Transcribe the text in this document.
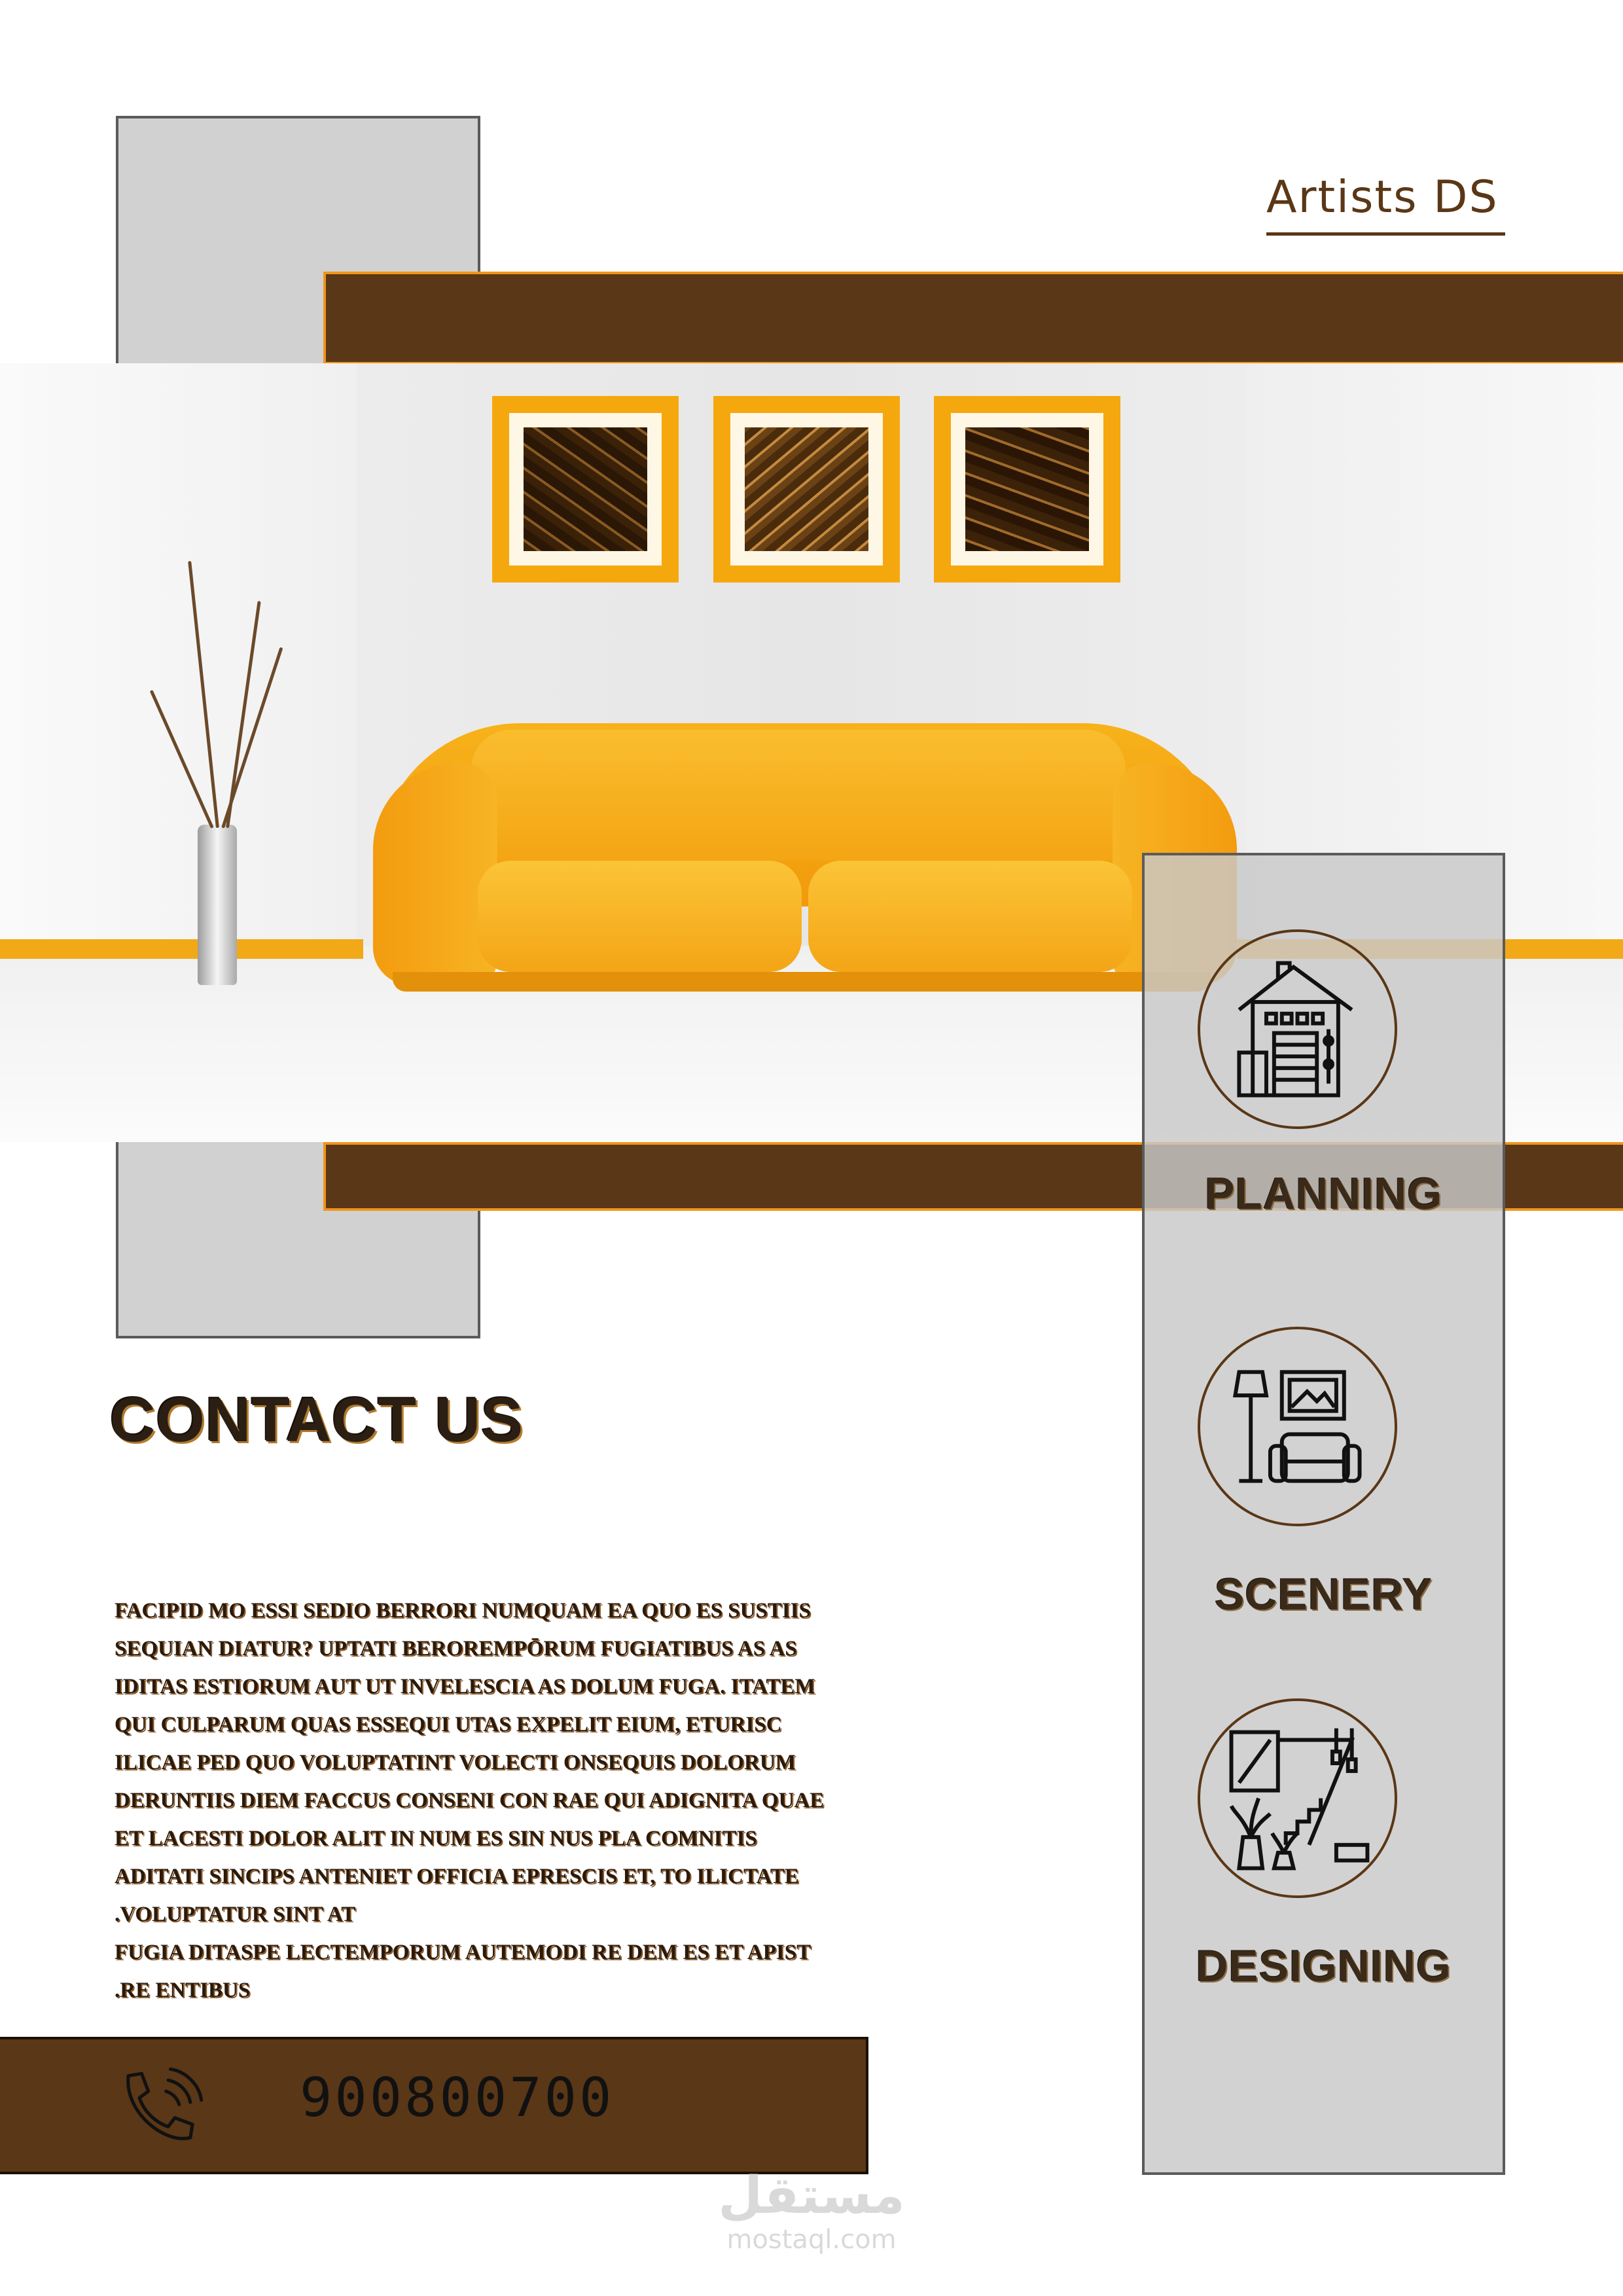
Artists DS
PLANNING
SCENERY
DESIGNING
CONTACT US

FACIPID MO ESSI SEDIO BERRORI NUMQUAM EA QUO ES SUSTIIS

SEQUIAN DIATUR? UPTATI BEROREMPŌRUM FUGIATIBUS AS AS

IDITAS ESTIORUM AUT UT INVELESCIA AS DOLUM FUGA. ITATEM

QUI CULPARUM QUAS ESSEQUI UTAS EXPELIT EIUM, ETURISC

ILICAE PED QUO VOLUPTATINT VOLECTI ONSEQUIS DOLORUM

DERUNTIIS DIEM FACCUS CONSENI CON RAE QUI ADIGNITA QUAE

ET LACESTI DOLOR ALIT IN NUM ES SIN NUS PLA COMNITIS

ADITATI SINCIPS ANTENIET OFFICIA EPRESCIS ET, TO ILICTATE

.VOLUPTATUR SINT AT

FUGIA DITASPE LECTEMPORUM AUTEMODI RE DEM ES ET APIST

.RE ENTIBUS

900800700
مستقل
mostaql.com
